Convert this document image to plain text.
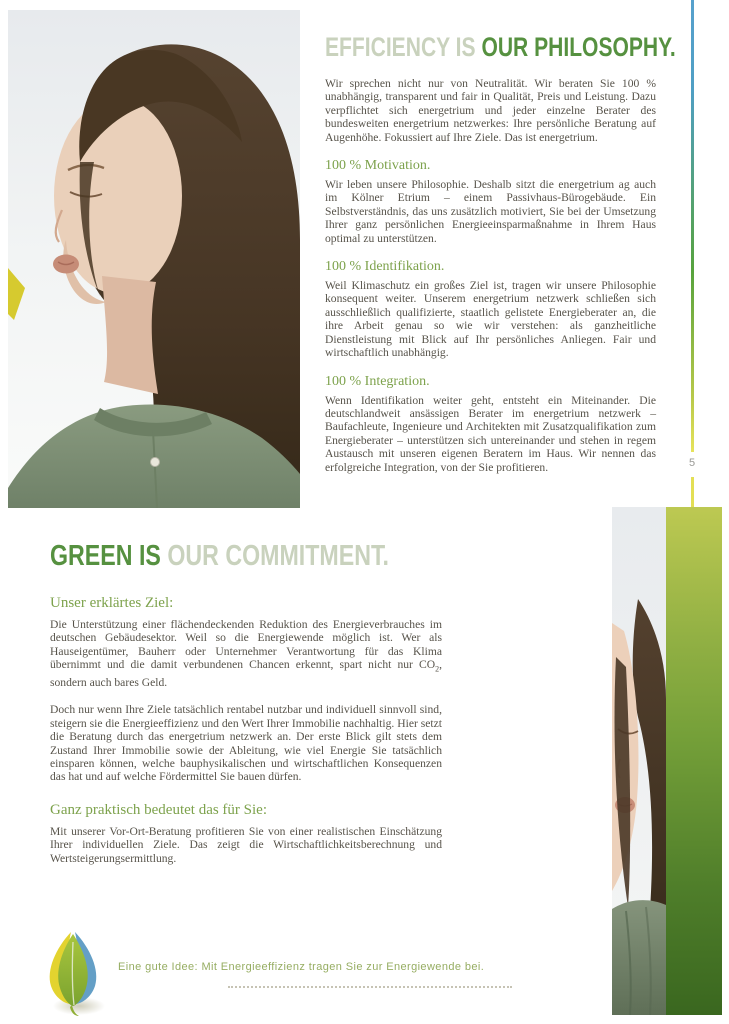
EFFICIENCY IS OUR PHILOSOPHY.

Wir sprechen nicht nur von Neutralität. Wir beraten Sie 100 % unabhängig, transparent und fair in Qualität, Preis und Leistung. Dazu verpflichtet sich energetrium und jeder einzelne Berater des bundesweiten energetrium netzwerkes: Ihre persönliche Beratung auf Augenhöhe. Fokussiert auf Ihre Ziele. Das ist energetrium.

100 % Motivation.

Wir leben unsere Philosophie. Deshalb sitzt die energetrium ag auch im Kölner Etrium – einem Passivhaus-Bürogebäude. Ein Selbstverständnis, das uns zusätzlich motiviert, Sie bei der Umsetzung Ihrer ganz persönlichen Energieeinsparmaßnahme in Ihrem Haus optimal zu unterstützen.

100 % Identifikation.

Weil Klimaschutz ein großes Ziel ist, tragen wir unsere Philosophie konsequent weiter. Unserem energetrium netzwerk schließen sich ausschließlich qualifizierte, staatlich gelistete Energieberater an, die ihre Arbeit genau so wie wir verstehen: als ganzheitliche Dienstleistung mit Blick auf Ihr persönliches Anliegen. Fair und wirtschaftlich unabhängig.

100 % Integration.

Wenn Identifikation weiter geht, entsteht ein Miteinander. Die deutschlandweit ansässigen Berater im energetrium netzwerk – Baufachleute, Ingenieure und Architekten mit Zusatzqualifikation zum Energieberater – unterstützen sich untereinander und stehen in regem Austausch mit unseren eigenen Beratern im Haus. Wir nennen das erfolgreiche Integration, von der Sie profitieren.	5
GREEN IS OUR COMMITMENT.
Unser erklärtes Ziel:

Die Unterstützung einer flächendeckenden Reduktion des Energieverbrauches im deutschen Gebäudesektor. Weil so die Energiewende möglich ist. Wer als Hauseigentümer, Bauherr oder Unternehmer Verantwortung für das Klima übernimmt und die damit verbundenen Chancen erkennt, spart nicht nur $CO_2$, sondern auch bares Geld.

Doch nur wenn Ihre Ziele tatsächlich rentabel nutzbar und individuell sinnvoll sind, steigern sie die Energieeffizienz und den Wert Ihrer Immobilie nachhaltig. Hier setzt die Beratung durch das energetrium netzwerk an. Der erste Blick gilt stets dem Zustand Ihrer Immobilie sowie der Ableitung, wie viel Energie Sie tatsächlich einsparen können, welche bauphysikalischen und wirtschaftlichen Konsequenzen das hat und auf welche Fördermittel Sie bauen dürfen.

Ganz praktisch bedeutet das für Sie:

Mit unserer Vor-Ort-Beratung profitieren Sie von einer realistischen Einschätzung Ihrer individuellen Ziele. Das zeigt die Wirtschaftlichkeitsberechnung und Wertsteigerungsermittlung.

Eine gute Idee: Mit Energieeffizienz tragen Sie zur Energiewende bei.
